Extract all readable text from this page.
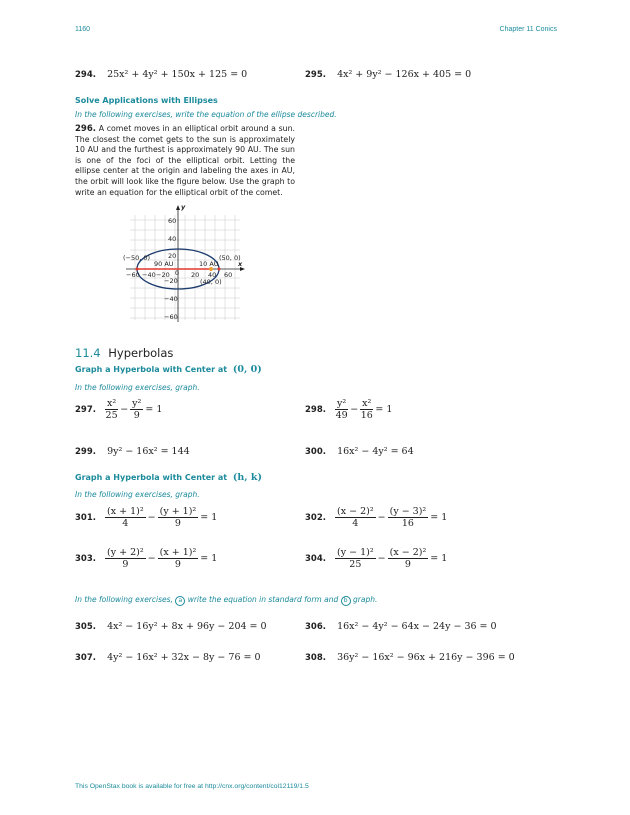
1160	Chapter 11 Conics
294. 25x² + 4y² + 150x + 125 = 0	295. 4x² + 9y² − 126x + 405 = 0
Solve Applications with Ellipses
In the following exercises, write the equation of the ellipse described.
296. A comet moves in an elliptical orbit around a sun. The closest the comet gets to the sun is approximately 10 AU and the furthest is approximately 90 AU. The sun is one of the foci of the elliptical orbit. Letting the ellipse center at the origin and labeling the axes in AU, the orbit will look like the figure below. Use the graph to write an equation for the elliptical orbit of the comet.
y
x
60
40
20
−20
−40
−60
−60 −40 −20 0 20 40 60
(−50, 0)	(50, 0)
90 AU	10 AU
(40, 0)
11.4 Hyperbolas
Graph a Hyperbola with Center at (0, 0)
In the following exercises, graph.
297. $\frac{\text{x²}}{25} - \frac{\text{y²}}{9} = 1$	298. $\frac{\text{y²}}{49} - \frac{\text{x²}}{16} = 1$
299. 9y² − 16x² = 144	300. 16x² − 4y² = 64
Graph a Hyperbola with Center at (h, k)
In the following exercises, graph.
301. $\frac{\text{(x + 1)²}}{4} - \frac{\text{(y + 1)²}}{9} = 1$	302. $\frac{\text{(x − 2)²}}{4} - \frac{\text{(y − 3)²}}{16} = 1$
303. $\frac{\text{(y + 2)²}}{9} - \frac{\text{(x + 1)²}}{9} = 1$	304. $\frac{\text{(y − 1)²}}{25} - \frac{\text{(x − 2)²}}{9} = 1$
In the following exercises, a write the equation in standard form and b graph.
305. 4x² − 16y² + 8x + 96y − 204 = 0	306. 16x² − 4y² − 64x − 24y − 36 = 0
307. 4y² − 16x² + 32x − 8y − 76 = 0	308. 36y² − 16x² − 96x + 216y − 396 = 0
This OpenStax book is available for free at http://cnx.org/content/col12119/1.5
